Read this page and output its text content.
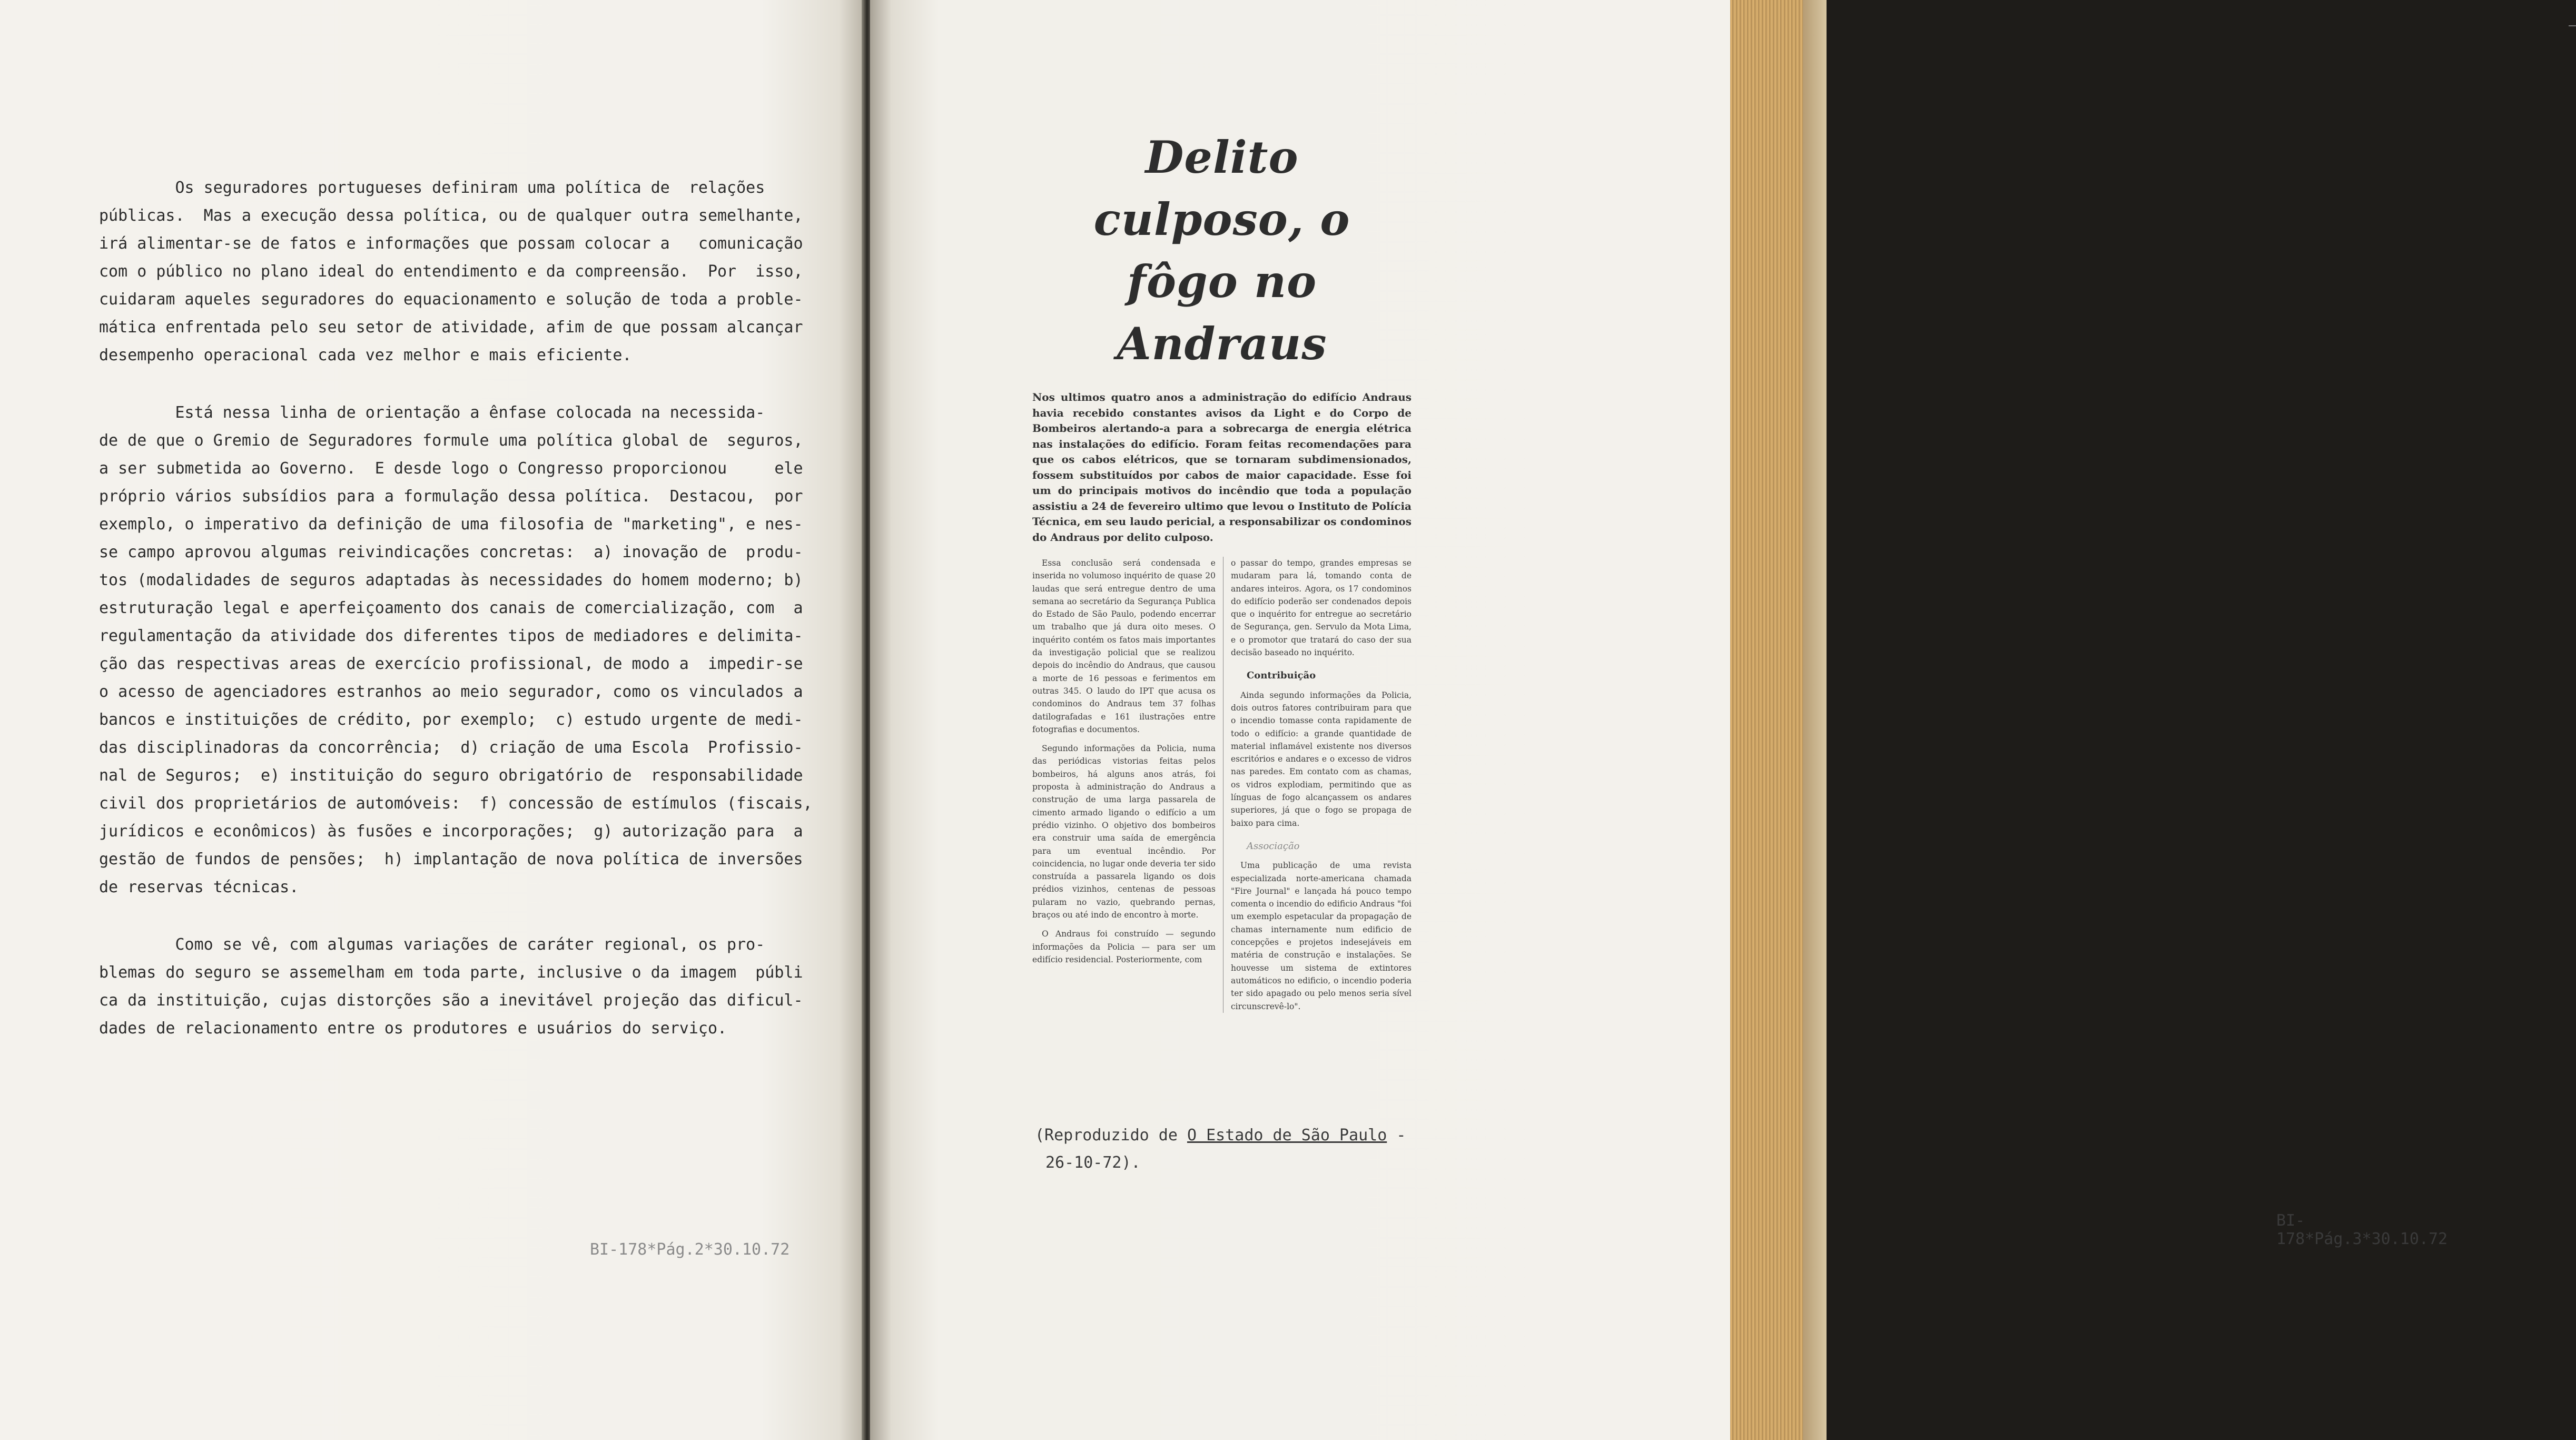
Os seguradores portugueses definiram uma política de  relações
públicas.  Mas a execução dessa política, ou de qualquer outra semelhante,
irá alimentar-se de fatos e informações que possam colocar a   comunicação
com o público no plano ideal do entendimento e da compreensão.  Por  isso,
cuidaram aqueles seguradores do equacionamento e solução de toda a proble-
mática enfrentada pelo seu setor de atividade, afim de que possam alcançar
desempenho operacional cada vez melhor e mais eficiente.

Está nessa linha de orientação a ênfase colocada na necessida-
de de que o Gremio de Seguradores formule uma política global de  seguros,
a ser submetida ao Governo.  E desde logo o Congresso proporcionou     ele
próprio vários subsídios para a formulação dessa política.  Destacou,  por
exemplo, o imperativo da definição de uma filosofia de "marketing", e nes-
se campo aprovou algumas reivindicações concretas:  a) inovação de  produ-
tos (modalidades de seguros adaptadas às necessidades do homem moderno; b)
estruturação legal e aperfeiçoamento dos canais de comercialização, com  a
regulamentação da atividade dos diferentes tipos de mediadores e delimita-
ção das respectivas areas de exercício profissional, de modo a  impedir-se
o acesso de agenciadores estranhos ao meio segurador, como os vinculados a
bancos e instituições de crédito, por exemplo;  c) estudo urgente de medi-
das disciplinadoras da concorrência;  d) criação de uma Escola  Profissio-
nal de Seguros;  e) instituição do seguro obrigatório de  responsabilidade
civil dos proprietários de automóveis:  f) concessão de estímulos (fiscais,
jurídicos e econômicos) às fusões e incorporações;  g) autorização para  a
gestão de fundos de pensões;  h) implantação de nova política de inversões
de reservas técnicas.

Como se vê, com algumas variações de caráter regional, os pro-
blemas do seguro se assemelham em toda parte, inclusive o da imagem  públi
ca da instituição, cujas distorções são a inevitável projeção das dificul-
dades de relacionamento entre os produtores e usuários do serviço.

BI-178*Pág.2*30.10.72
BI-178*Pág.3*30.10.72
Delito culposo, o
fôgo no Andraus
Nos ultimos quatro anos a administração do edifício Andraus havia recebido constantes avisos da Light e do Corpo de Bombeiros alertando-a para a sobrecarga de energia elétrica nas instalações do edifício. Foram feitas recomendações para que os cabos elétricos, que se tornaram subdimensionados, fossem substituídos por cabos de maior capacidade. Esse foi um do principais motivos do incêndio que toda a população assistiu a 24 de fevereiro ultimo que levou o Instituto de Polícia Técnica, em seu laudo pericial, a responsabilizar os condominos do Andraus por delito culposo.

Essa conclusão será condensada e inserida no volumoso inquérito de quase 20 laudas que será entregue dentro de uma semana ao secretário da Segurança Publica do Estado de São Paulo, podendo encerrar um trabalho que já dura oito meses. O inquérito contém os fatos mais importantes da investigação policial que se realizou depois do incêndio do Andraus, que causou a morte de 16 pessoas e ferimentos em outras 345. O laudo do IPT que acusa os condominos do Andraus tem 37 folhas datilografadas e 161 ilustrações entre fotografias e documentos.

Segundo informações da Policia, numa das periódicas vistorias feitas pelos bombeiros, há alguns anos atrás, foi proposta à administração do Andraus a construção de uma larga passarela de cimento armado ligando o edifício a um prédio vizinho. O objetivo dos bombeiros era construir uma saída de emergência para um eventual incêndio. Por coincidencia, no lugar onde deveria ter sido construída a passarela ligando os dois prédios vizinhos, centenas de pessoas pularam no vazio, quebrando pernas, braços ou até indo de encontro à morte.

O Andraus foi construído — segundo informações da Policia — para ser um edifício residencial. Posteriormente, com

o passar do tempo, grandes empresas se mudaram para lá, tomando conta de andares inteiros. Agora, os 17 condominos do edifício poderão ser condenados depois que o inquérito for entregue ao secretário de Segurança, gen. Servulo da Mota Lima, e o promotor que tratará do caso der sua decisão baseado no inquérito.

Contribuição

Ainda segundo informações da Policia, dois outros fatores contribuiram para que o incendio tomasse conta rapidamente de todo o edifício: a grande quantidade de material inflamável existente nos diversos escritórios e andares e o excesso de vidros nas paredes. Em contato com as chamas, os vidros explodiam, permitindo que as línguas de fogo alcançassem os andares superiores, já que o fogo se propaga de baixo para cima.

Associação

Uma publicação de uma revista especializada norte-americana chamada "Fire Journal" e lançada há pouco tempo comenta o incendio do edificio Andraus "foi um exemplo espetacular da propagação de chamas internamente num edificio de concepções e projetos indesejáveis em matéria de construção e instalações. Se houvesse um sistema de extintores automáticos no edificio, o incendio poderia ter sido apagado ou pelo menos seria sível circunscrevê-lo".

(Reproduzido de O Estado de São Paulo -
26-10-72).
